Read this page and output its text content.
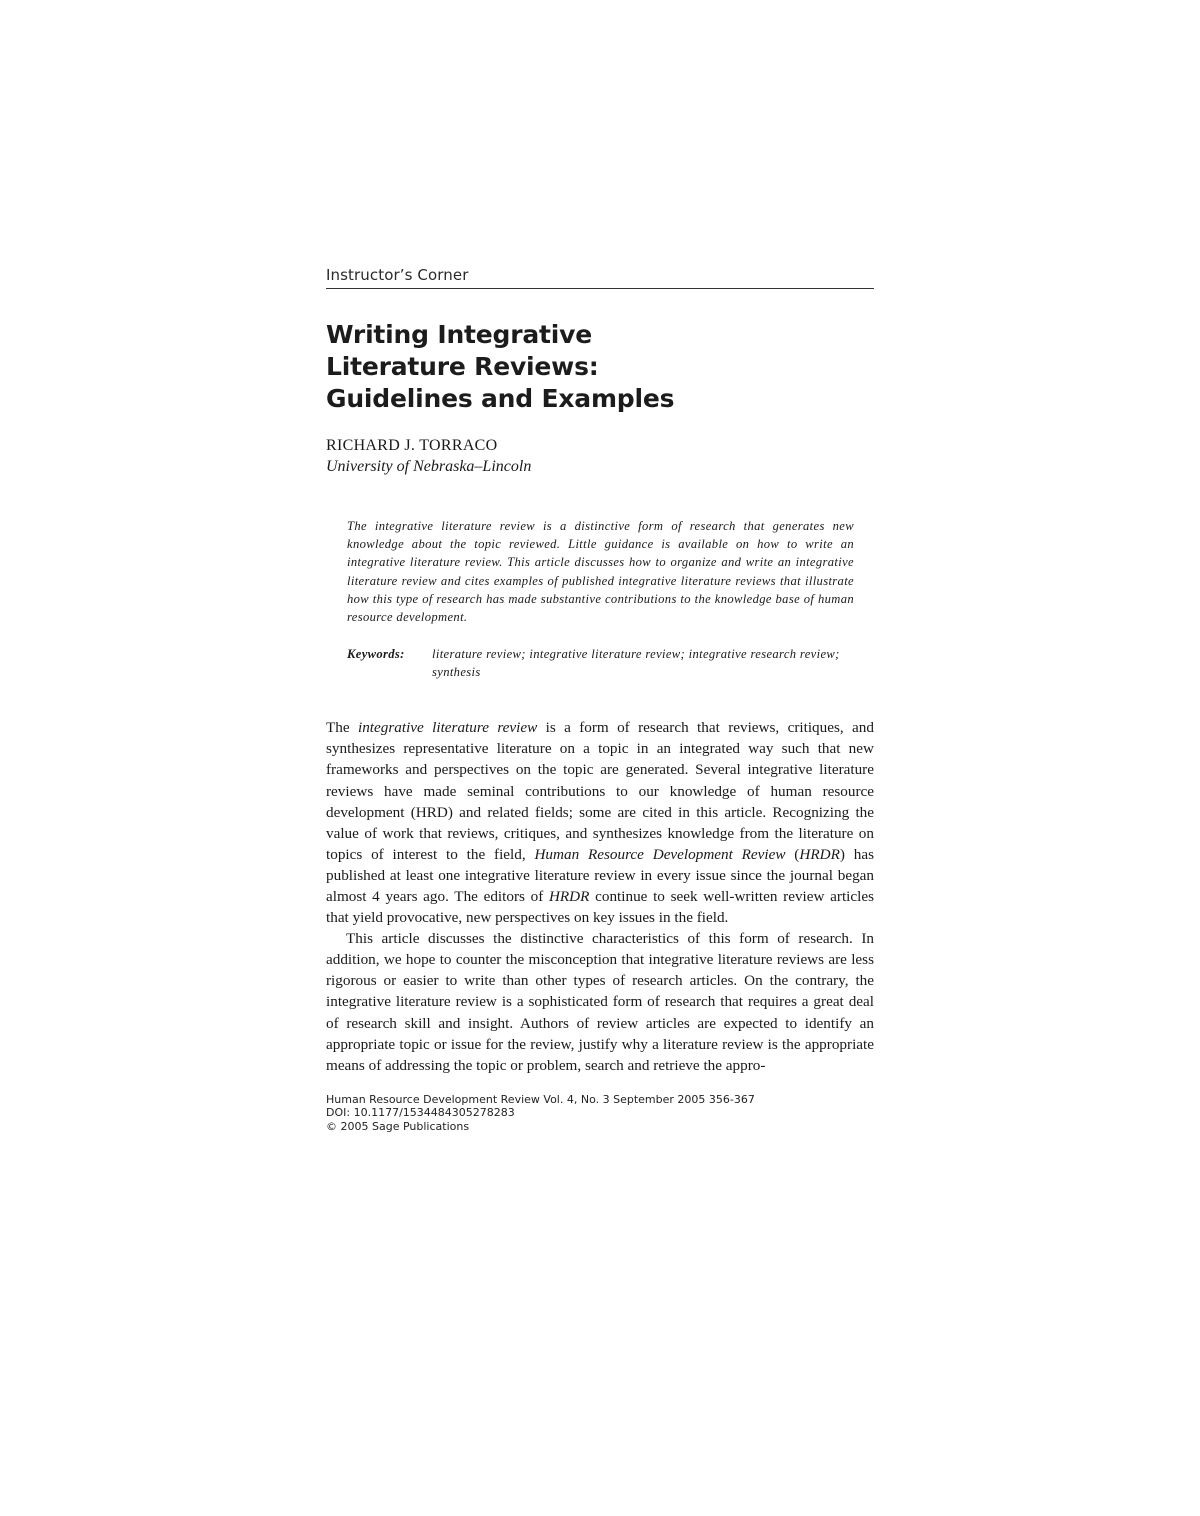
Instructor’s Corner
Writing Integrative
Literature Reviews:
Guidelines and Examples
RICHARD J. TORRACO
University of Nebraska–Lincoln
The integrative literature review is a distinctive form of research that generates new knowledge about the topic reviewed. Little guidance is available on how to write an integrative literature review. This article discusses how to organize and write an integrative literature review and cites examples of published integrative literature reviews that illustrate how this type of research has made substantive contributions to the knowledge base of human resource development.
Keywords:	literature review; integrative literature review; integrative research review; synthesis

The integrative literature review is a form of research that reviews, critiques, and synthesizes representative literature on a topic in an integrated way such that new frameworks and perspectives on the topic are generated. Several integrative literature reviews have made seminal contributions to our knowledge of human resource development (HRD) and related fields; some are cited in this article. Recognizing the value of work that reviews, critiques, and synthesizes knowledge from the literature on topics of interest to the field, Human Resource Development Review (HRDR) has published at least one integrative literature review in every issue since the journal began almost 4 years ago. The editors of HRDR continue to seek well-written review articles that yield provocative, new perspectives on key issues in the field.

This article discusses the distinctive characteristics of this form of research. In addition, we hope to counter the misconception that integrative literature reviews are less rigorous or easier to write than other types of research articles. On the contrary, the integrative literature review is a sophisticated form of research that requires a great deal of research skill and insight. Authors of review articles are expected to identify an appropriate topic or issue for the review, justify why a literature review is the appropriate means of addressing the topic or problem, search and retrieve the appro-

Human Resource Development Review Vol. 4, No. 3 September 2005 356-367
DOI: 10.1177/1534484305278283
© 2005 Sage Publications
